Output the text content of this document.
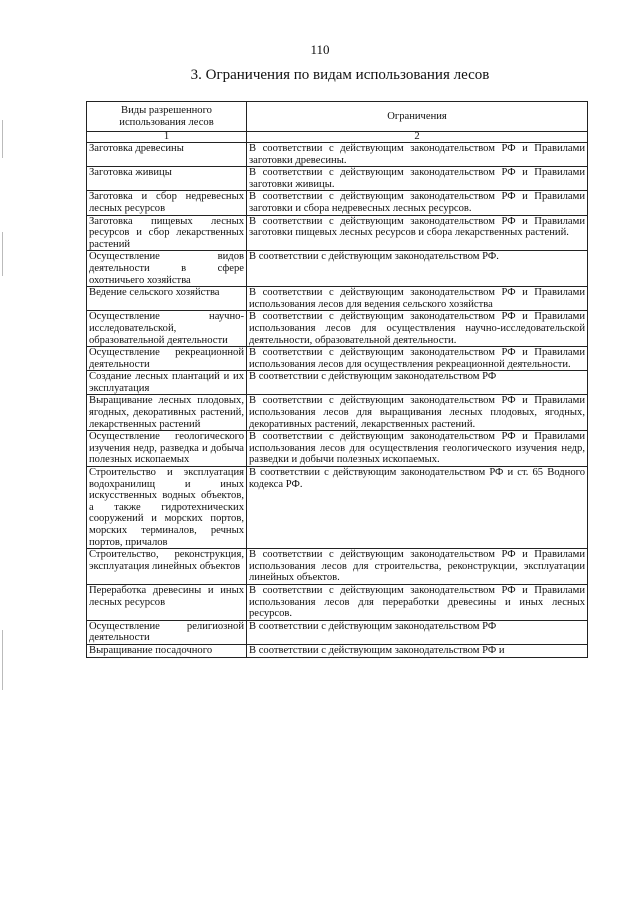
110
3. Ограничения по видам использования лесов
Виды разрешенного использования лесов	Ограничения
1	2
Заготовка древесины	В соответствии с действующим законодательством РФ и Правилами заготовки древесины.
Заготовка живицы	В соответствии с действующим законодательством РФ и Правилами заготовки живицы.
Заготовка и сбор недревесных лесных ресурсов	В соответствии с действующим законодательством РФ и Правилами заготовки и сбора недревесных лесных ресурсов.
Заготовка пищевых лесных ресурсов и сбор лекарственных растений	В соответствии с действующим законодательством РФ и Правилами заготовки пищевых лесных ресурсов и сбора лекарственных растений.
Осуществление видов деятельности в сфере охотничьего хозяйства	В соответствии с действующим законодательством РФ.
Ведение сельского хозяйства	В соответствии с действующим законодательством РФ и Правилами использования лесов для ведения сельского хозяйства
Осуществление научно-исследовательской, образовательной деятельности	В соответствии с действующим законодательством РФ и Правилами использования лесов для осуществления научно-исследовательской деятельности, образовательной деятельности.
Осуществление рекреационной деятельности	В соответствии с действующим законодательством РФ и Правилами использования лесов для осуществления рекреационной деятельности.
Создание лесных плантаций и их эксплуатация	В соответствии с действующим законодательством РФ
Выращивание лесных плодовых, ягодных, декоративных растений, лекарственных растений	В соответствии с действующим законодательством РФ и Правилами использования лесов для выращивания лесных плодовых, ягодных, декоративных растений, лекарственных растений.
Осуществление геологического изучения недр, разведка и добыча полезных ископаемых	В соответствии с действующим законодательством РФ и Правилами использования лесов для осуществления геологического изучения недр, разведки и добычи полезных ископаемых.
Строительство и эксплуатация водохранилищ и иных искусственных водных объектов, а также гидротехнических сооружений и морских портов, морских терминалов, речных портов, причалов	В соответствии с действующим законодательством РФ и ст. 65 Водного кодекса РФ.
Строительство, реконструкция, эксплуатация линейных объектов	В соответствии с действующим законодательством РФ и Правилами использования лесов для строительства, реконструкции, эксплуатации линейных объектов.
Переработка древесины и иных лесных ресурсов	В соответствии с действующим законодательством РФ и Правилами использования лесов для переработки древесины и иных лесных ресурсов.
Осуществление религиозной деятельности	В соответствии с действующим законодательством РФ
Выращивание посадочного	В соответствии с действующим законодательством РФ и
